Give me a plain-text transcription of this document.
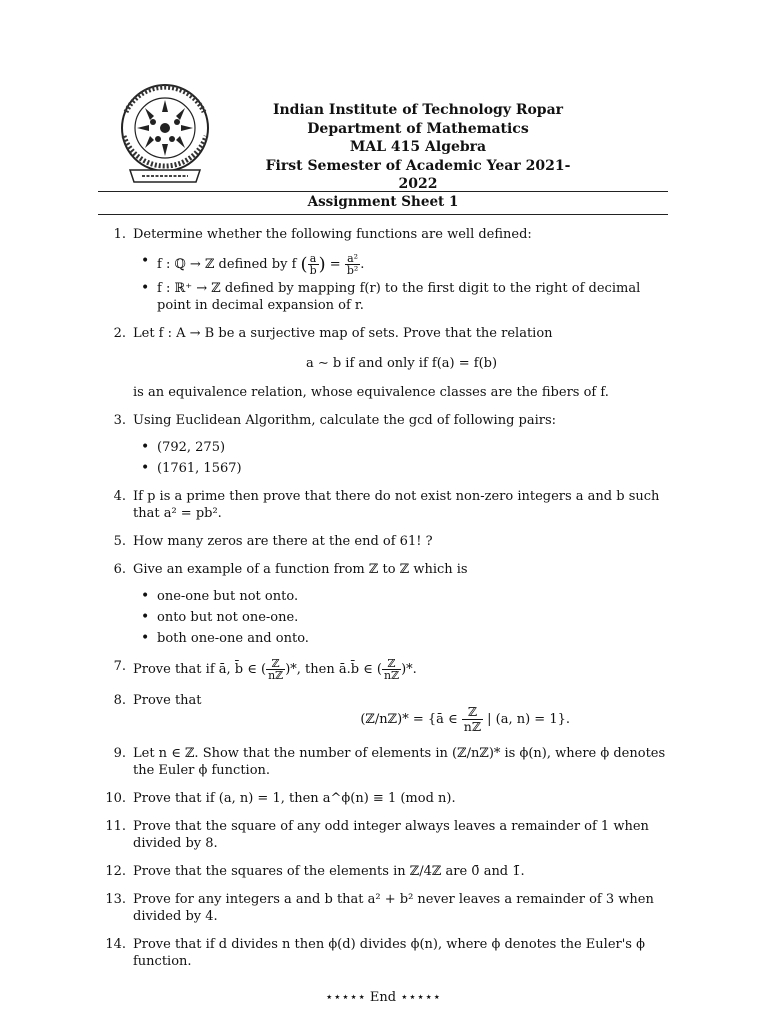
Indian Institute of Technology Ropar
Department of Mathematics
MAL 415 Algebra
First Semester of Academic Year 2021-2022
Assignment Sheet 1
1. Determine whether the following functions are well defined:
• f : ℚ → ℤ defined by f ( $\frac{a}{b}$ ) = $\frac{\text{a²}}{\text{b²}}$ .
• f : ℝ⁺ → ℤ defined by mapping f(r) to the first digit to the right of decimal point in decimal expansion of r.
2. Let f : A → B be a surjective map of sets. Prove that the relation
a ∼ b if and only if f(a) = f(b)
is an equivalence relation, whose equivalence classes are the fibers of f.
3. Using Euclidean Algorithm, calculate the gcd of following pairs:
• (792, 275)
• (1761, 1567)
4. If p is a prime then prove that there do not exist non-zero integers a and b such that a² = pb².
5. How many zeros are there at the end of 61! ?
6. Give an example of a function from ℤ to ℤ which is
• one-one but not onto.
• onto but not one-one.
• both one-one and onto.
7. Prove that if ā, b̄ ∈ ( $\frac{\text{ℤ}}{\text{nℤ}}$ )*, then ā.b̄ ∈ ( $\frac{\text{ℤ}}{\text{nℤ}}$ )*.
8. Prove that
(ℤ/nℤ)* = {ā ∈ $\frac{\text{ℤ}}{\text{nℤ}}$ | (a, n) = 1}.
9. Let n ∈ ℤ. Show that the number of elements in (ℤ/nℤ)* is ϕ(n), where ϕ denotes the Euler ϕ function.
10. Prove that if (a, n) = 1, then a^ϕ(n) ≡ 1 (mod n).
11. Prove that the square of any odd integer always leaves a remainder of 1 when divided by 8.
12. Prove that the squares of the elements in ℤ/4ℤ are 0̄ and 1̄.
13. Prove for any integers a and b that a² + b² never leaves a remainder of 3 when divided by 4.
14. Prove that if d divides n then ϕ(d) divides ϕ(n), where ϕ denotes the Euler's ϕ function.
⋆⋆⋆⋆⋆ End ⋆⋆⋆⋆⋆
